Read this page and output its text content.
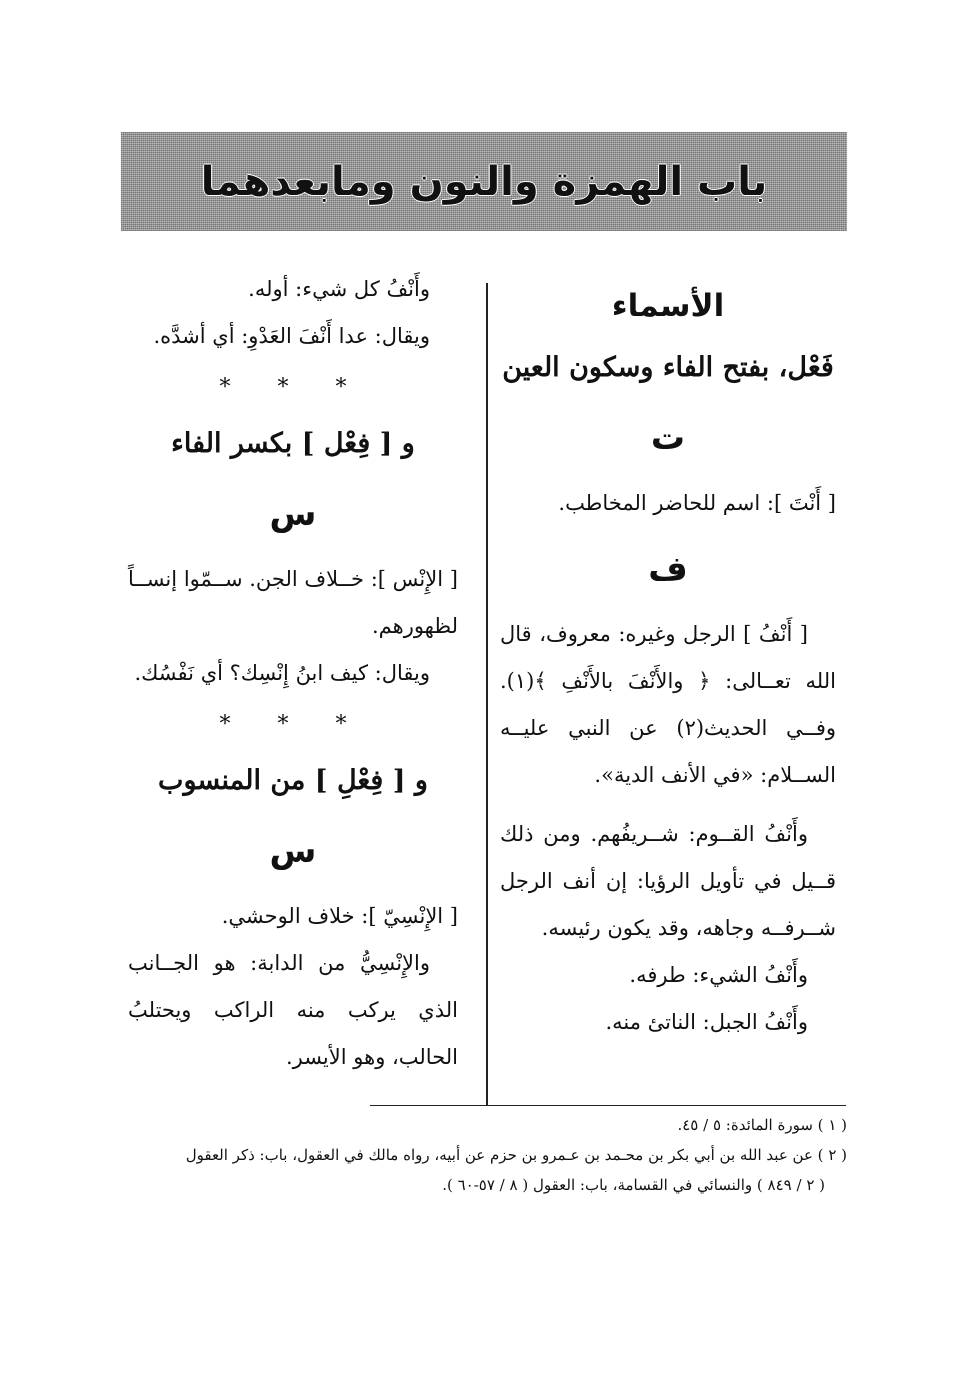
باب الهمزة والنون ومابعدهما
الأسماء
فَعْل، بفتح الفاء وسكون العين
ت

[ أَنْتَ ]: اسم للحاضر المخاطب.

ف

[ أَنْفُ ] الرجل وغيره: معروف، قال الله تعــالى: ﴿ والأَنْفَ بالأَنْفِ ﴾(١). وفــي الحديث(٢) عن النبي عليــه الســلام: «في الأنف الدية».

وأَنْفُ القــوم: شــريفُهم. ومن ذلك قــيل في تأويل الرؤيا: إن أنف الرجل شــرفــه وجاهه، وقد يكون رئيسه.

وأَنْفُ الشيء: طرفه.

وأَنْفُ الجبل: الناتئ منه.

وأَنْفُ كل شيء: أوله.

ويقال: عدا أَنْفَ العَدْوِ: أي أشدَّه.

* * *
و [ فِعْل ] بكسر الفاء
س

[ الإِنْس ]: خــلاف الجن. ســمّوا إنســاً لظهورهم.

ويقال: كيف ابنُ إِنْسِك؟ أي نَفْسُك.

* * *
و [ فِعْلِ ] من المنسوب
س

[ الإِنْسِيّ ]: خلاف الوحشي.

والإِنْسِيُّ من الدابة: هو الجــانب الذي يركب منه الراكب ويحتلبُ الحالب، وهو الأيسر.

( ١ ) سورة المائدة: ٥ / ٤٥.

( ٢ ) عن عبد الله بن أبي بكر بن محـمد بن عـمرو بن حزم عن أبيه، رواه مالك في العقول، باب: ذكر العقول

( ٢ / ٨٤٩ ) والنسائي في القسامة، باب: العقول ( ٨ / ٥٧-٦٠ ).
